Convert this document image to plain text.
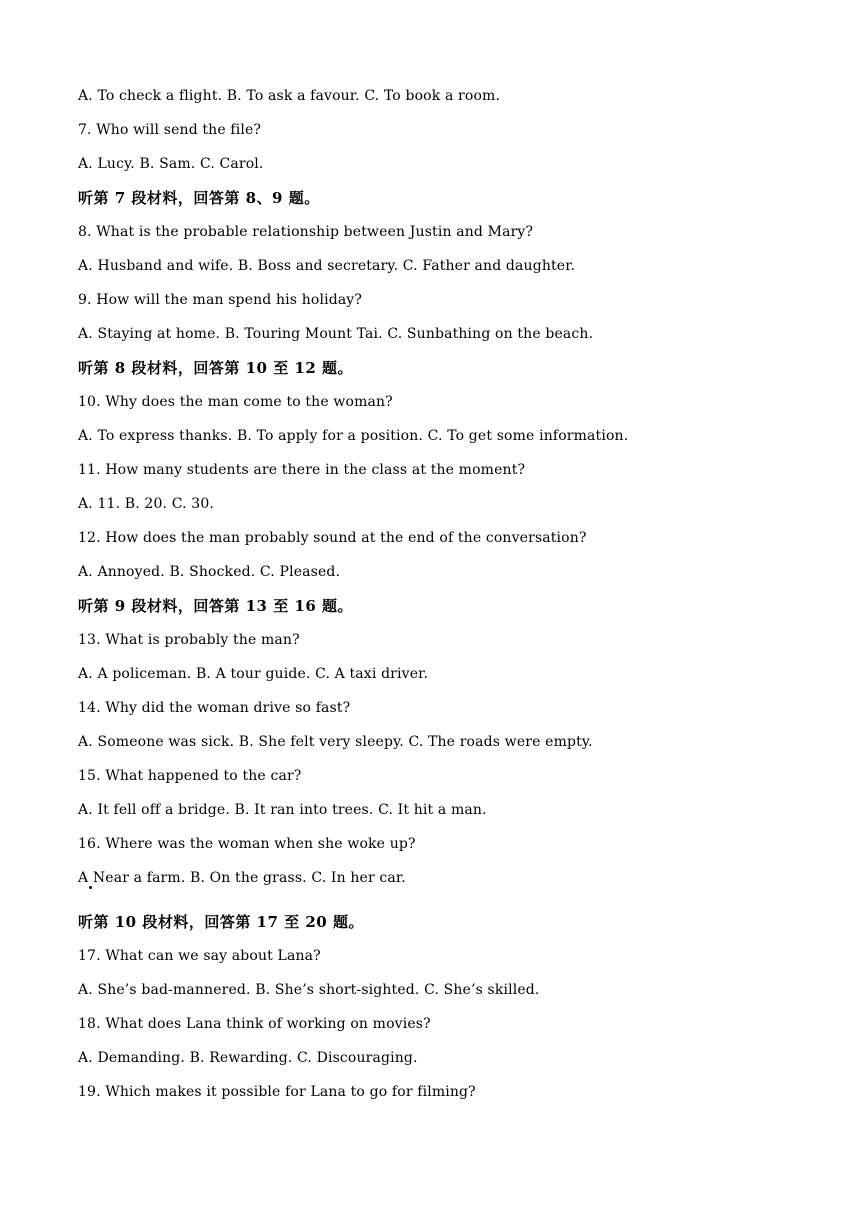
A. To check a flight. B. To ask a favour. C. To book a room.
7. Who will send the file?
A. Lucy. B. Sam. C. Carol.
听第 7 段材料，回答第 8、9 题。
8. What is the probable relationship between Justin and Mary?
A. Husband and wife. B. Boss and secretary. C. Father and daughter.
9. How will the man spend his holiday?
A. Staying at home. B. Touring Mount Tai. C. Sunbathing on the beach.
听第 8 段材料，回答第 10 至 12 题。
10. Why does the man come to the woman?
A. To express thanks. B. To apply for a position. C. To get some information.
11. How many students are there in the class at the moment?
A. 11. B. 20. C. 30.
12. How does the man probably sound at the end of the conversation?
A. Annoyed. B. Shocked. C. Pleased.
听第 9 段材料，回答第 13 至 16 题。
13. What is probably the man?
A. A policeman. B. A tour guide. C. A taxi driver.
14. Why did the woman drive so fast?
A. Someone was sick. B. She felt very sleepy. C. The roads were empty.
15. What happened to the car?
A. It fell off a bridge. B. It ran into trees. C. It hit a man.
16. Where was the woman when she woke up?
A Near a farm. B. On the grass. C. In her car.
听第 10 段材料，回答第 17 至 20 题。
17. What can we say about Lana?
A. She’s bad-mannered. B. She’s short-sighted. C. She’s skilled.
18. What does Lana think of working on movies?
A. Demanding. B. Rewarding. C. Discouraging.
19. Which makes it possible for Lana to go for filming?
